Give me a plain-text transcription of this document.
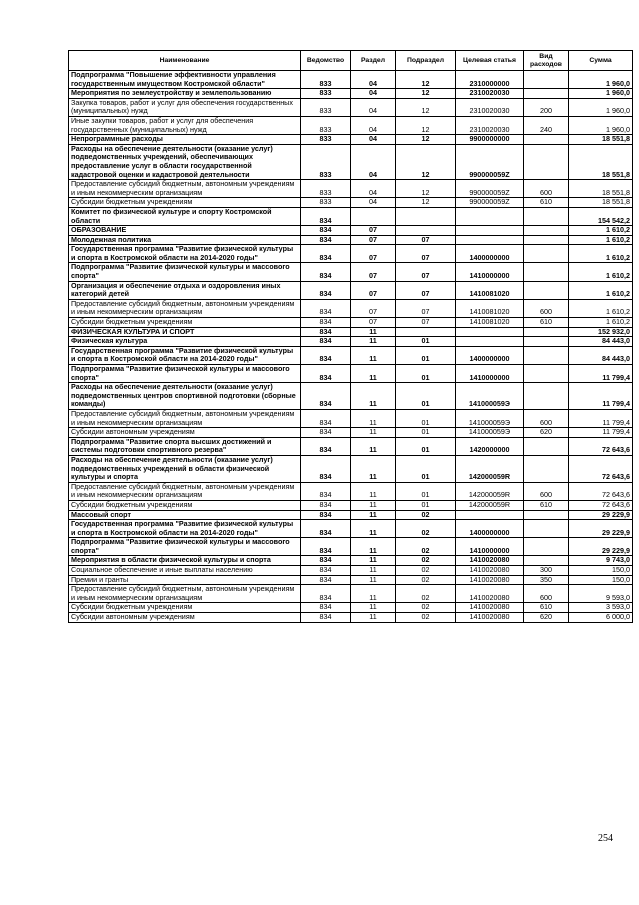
Наименование	Ведомство	Раздел	Подраздел	Целевая статья	Вид расходов	Сумма
Подпрограмма "Повышение эффективности управления государственным имуществом Костромской области"	833	04	12	2310000000		1 960,0
Мероприятия по землеустройству и землепользованию	833	04	12	2310020030		1 960,0
Закупка товаров, работ и услуг для обеспечения государственных (муниципальных) нужд	833	04	12	2310020030	200	1 960,0
Иные закупки товаров, работ и услуг для обеспечения государственных (муниципальных) нужд	833	04	12	2310020030	240	1 960,0
Непрограммные расходы	833	04	12	9900000000		18 551,8
Расходы на обеспечение деятельности (оказание услуг) подведомственных учреждений, обеспечивающих предоставление услуг в области государственной кадастровой оценки и кадастровой деятельности	833	04	12	990000059Z		18 551,8
Предоставление субсидий бюджетным, автономным учреждениям и иным некоммерческим организациям	833	04	12	990000059Z	600	18 551,8
Субсидии бюджетным учреждениям	833	04	12	990000059Z	610	18 551,8
Комитет по физической культуре и спорту Костромской области	834					154 542,2
ОБРАЗОВАНИЕ	834	07				1 610,2
Молодежная политика	834	07	07			1 610,2
Государственная программа "Развитие физической культуры и спорта в Костромской области на 2014-2020 годы"	834	07	07	1400000000		1 610,2
Подпрограмма "Развитие физической культуры и массового спорта"	834	07	07	1410000000		1 610,2
Организация и обеспечение отдыха и оздоровления иных категорий детей	834	07	07	1410081020		1 610,2
Предоставление субсидий бюджетным, автономным учреждениям и иным некоммерческим организациям	834	07	07	1410081020	600	1 610,2
Субсидии бюджетным учреждениям	834	07	07	1410081020	610	1 610,2
ФИЗИЧЕСКАЯ КУЛЬТУРА И СПОРТ	834	11				152 932,0
Физическая культура	834	11	01			84 443,0
Государственная программа "Развитие физической культуры и спорта в Костромской области на 2014-2020 годы"	834	11	01	1400000000		84 443,0
Подпрограмма "Развитие физической культуры и массового спорта"	834	11	01	1410000000		11 799,4
Расходы на обеспечение деятельности (оказание услуг) подведомственных центров спортивной подготовки (сборные команды)	834	11	01	141000059Э		11 799,4
Предоставление субсидий бюджетным, автономным учреждениям и иным некоммерческим организациям	834	11	01	141000059Э	600	11 799,4
Субсидии автономным учреждениям	834	11	01	141000059Э	620	11 799,4
Подпрограмма "Развитие спорта высших достижений и системы подготовки спортивного резерва"	834	11	01	1420000000		72 643,6
Расходы на обеспечение деятельности (оказание услуг) подведомственных учреждений в области физической культуры и спорта	834	11	01	142000059R		72 643,6
Предоставление субсидий бюджетным, автономным учреждениям и иным некоммерческим организациям	834	11	01	142000059R	600	72 643,6
Субсидии бюджетным учреждениям	834	11	01	142000059R	610	72 643,6
Массовый спорт	834	11	02			29 229,9
Государственная программа "Развитие физической культуры и спорта в Костромской области на 2014-2020 годы"	834	11	02	1400000000		29 229,9
Подпрограмма "Развитие физической культуры и массового спорта"	834	11	02	1410000000		29 229,9
Мероприятия в области физической культуры и спорта	834	11	02	1410020080		9 743,0
Социальное обеспечение и иные выплаты населению	834	11	02	1410020080	300	150,0
Премии и гранты	834	11	02	1410020080	350	150,0
Предоставление субсидий бюджетным, автономным учреждениям и иным некоммерческим организациям	834	11	02	1410020080	600	9 593,0
Субсидии бюджетным учреждениям	834	11	02	1410020080	610	3 593,0
Субсидии автономным учреждениям	834	11	02	1410020080	620	6 000,0
254
